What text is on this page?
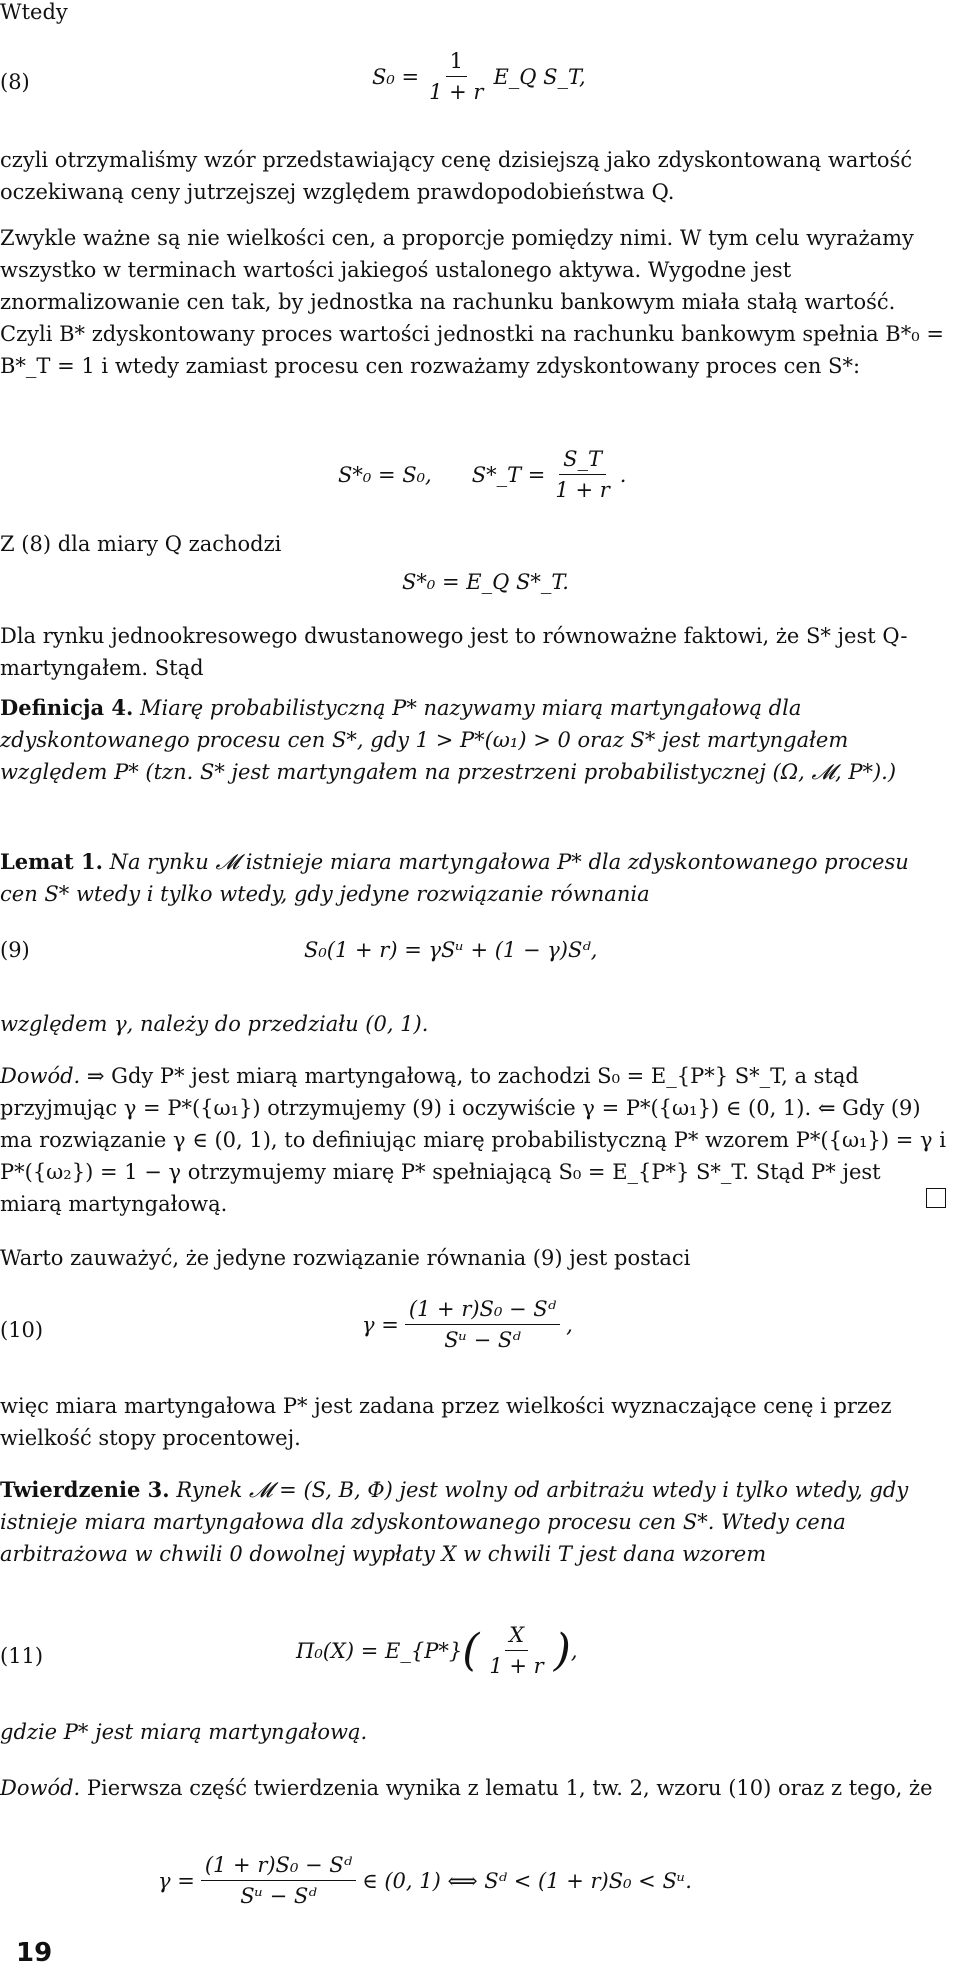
Wtedy
(8)	$S_0 = \frac{1}{1 + r}$ E_Q S_T,

czyli otrzymaliśmy wzór przedstawiający cenę dzisiejszą jako zdyskontowaną wartość oczekiwaną ceny jutrzejszej względem prawdopodobieństwa Q.

Zwykle ważne są nie wielkości cen, a proporcje pomiędzy nimi. W tym celu wyrażamy wszystko w terminach wartości jakiegoś ustalonego aktywa. Wygodne jest znormalizowanie cen tak, by jednostka na rachunku bankowym miała stałą wartość. Czyli B* zdyskontowany proces wartości jednostki na rachunku bankowym spełnia B*₀ = B*_T = 1 i wtedy zamiast procesu cen rozważamy zdyskontowany proces cen S*:

S*₀ = S₀, S*_T = $\frac{S\_T}{1 + r}$ .
Z (8) dla miary Q zachodzi
S*₀ = E_Q S*_T.

Dla rynku jednookresowego dwustanowego jest to równoważne faktowi, że S* jest Q-martyngałem. Stąd

Definicja 4. Miarę probabilistyczną P* nazywamy miarą martyngałową dla zdyskontowanego procesu cen S*, gdy 1 > P*(ω₁) > 0 oraz S* jest martyngałem względem P* (tzn. S* jest martyngałem na przestrzeni probabilistycznej (Ω, 𝓜, P*).)

Lemat 1. Na rynku 𝓜 istnieje miara martyngałowa P* dla zdyskontowanego procesu cen S* wtedy i tylko wtedy, gdy jedyne rozwiązanie równania

(9)	S₀(1 + r) = γSᵘ + (1 − γ)Sᵈ,
względem γ, należy do przedziału (0, 1).

Dowód. ⇒ Gdy P* jest miarą martyngałową, to zachodzi S₀ = E_{P*} S*_T, a stąd przyjmując γ = P*({ω₁}) otrzymujemy (9) i oczywiście γ = P*({ω₁}) ∈ (0, 1). ⇐ Gdy (9) ma rozwiązanie γ ∈ (0, 1), to definiując miarę probabilistyczną P* wzorem P*({ω₁}) = γ i P*({ω₂}) = 1 − γ otrzymujemy miarę P* spełniającą S₀ = E_{P*} S*_T. Stąd P* jest miarą martyngałową.

Warto zauważyć, że jedyne rozwiązanie równania (9) jest postaci

(10)	$\gamma = \frac{\text{(1 + r)S₀ − Sᵈ}}{\text{Sᵘ − Sᵈ}}$ ,

więc miara martyngałowa P* jest zadana przez wielkości wyznaczające cenę i przez wielkość stopy procentowej.

Twierdzenie 3. Rynek 𝓜 = (S, B, Φ) jest wolny od arbitrażu wtedy i tylko wtedy, gdy istnieje miara martyngałowa dla zdyskontowanego procesu cen S*. Wtedy cena arbitrażowa w chwili 0 dowolnej wypłaty X w chwili T jest dana wzorem

(11)	Π₀(X) = E_{P*} ( $\frac{X}{1 + r}$ ) ,
gdzie P* jest miarą martyngałową.

Dowód. Pierwsza część twierdzenia wynika z lematu 1, tw. 2, wzoru (10) oraz z tego, że

$\gamma = \frac{\text{(1 + r)S₀ − Sᵈ}}{\text{Sᵘ − Sᵈ}}$ ∈ (0, 1) ⟺ Sᵈ < (1 + r)S₀ < Sᵘ.
19
